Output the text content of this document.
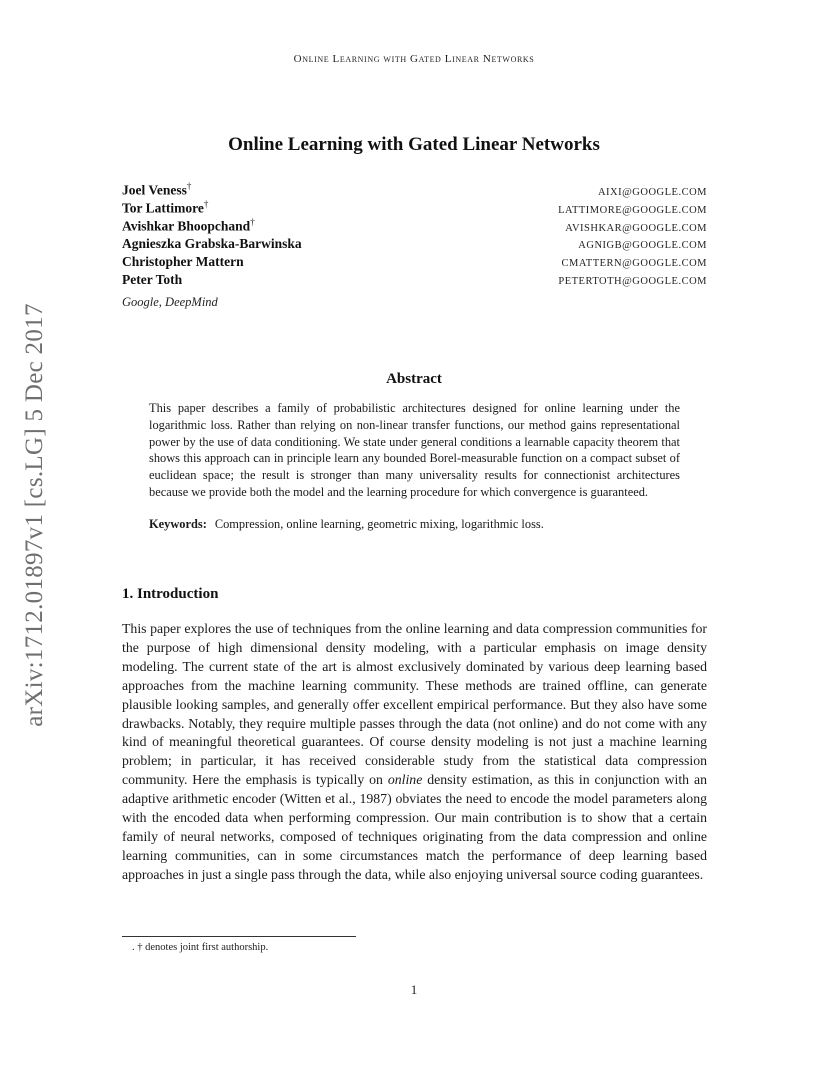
arXiv:1712.01897v1 [cs.LG] 5 Dec 2017
Online Learning with Gated Linear Networks
Online Learning with Gated Linear Networks
Joel Veness†
AIXI@GOOGLE.COM
Tor Lattimore†
LATTIMORE@GOOGLE.COM
Avishkar Bhoopchand†
AVISHKAR@GOOGLE.COM
Agnieszka Grabska-Barwinska	AGNIGB@GOOGLE.COM
Christopher Mattern	CMATTERN@GOOGLE.COM
Peter Toth	PETERTOTH@GOOGLE.COM
Google, DeepMind
Abstract
This paper describes a family of probabilistic architectures designed for online learning under the logarithmic loss. Rather than relying on non-linear transfer functions, our method gains representational power by the use of data conditioning. We state under general conditions a learnable capacity theorem that shows this approach can in principle learn any bounded Borel-measurable function on a compact subset of euclidean space; the result is stronger than many universality results for connectionist architectures because we provide both the model and the learning procedure for which convergence is guaranteed.
Keywords: Compression, online learning, geometric mixing, logarithmic loss.
1. Introduction
This paper explores the use of techniques from the online learning and data compression communities for the purpose of high dimensional density modeling, with a particular emphasis on image density modeling. The current state of the art is almost exclusively dominated by various deep learning based approaches from the machine learning community. These methods are trained offline, can generate plausible looking samples, and generally offer excellent empirical performance. But they also have some drawbacks. Notably, they require multiple passes through the data (not online) and do not come with any kind of meaningful theoretical guarantees. Of course density modeling is not just a machine learning problem; in particular, it has received considerable study from the statistical data compression community. Here the emphasis is typically on online density estimation, as this in conjunction with an adaptive arithmetic encoder (Witten et al., 1987) obviates the need to encode the model parameters along with the encoded data when performing compression. Our main contribution is to show that a certain family of neural networks, composed of techniques originating from the data compression and online learning communities, can in some circumstances match the performance of deep learning based approaches in just a single pass through the data, while also enjoying universal source coding guarantees.
. † denotes joint first authorship.
1
